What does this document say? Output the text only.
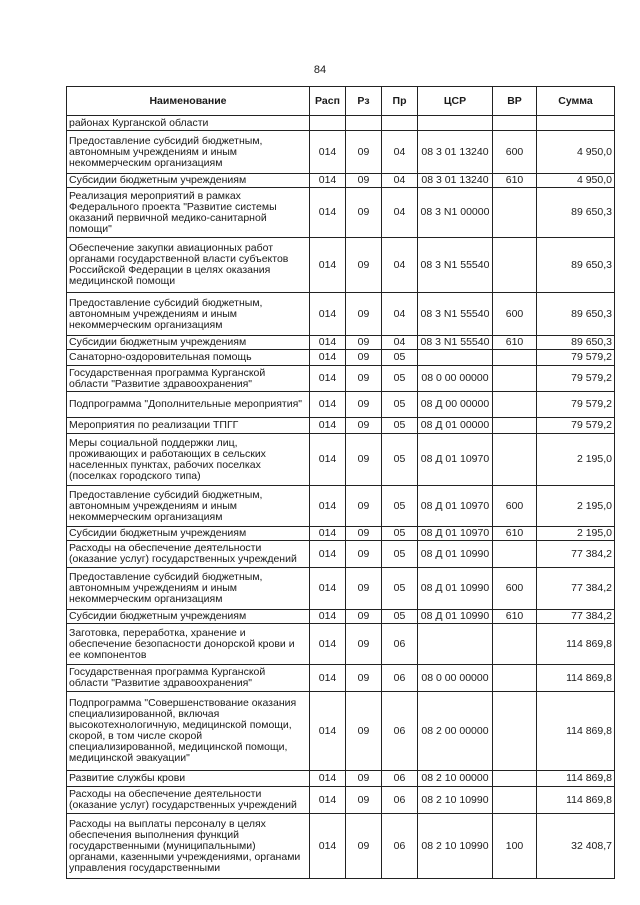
84
Наименование	Расп	Рз	Пр	ЦСР	ВР	Сумма
районах Курганской области						
Предоставление субсидий бюджетным, автономным учреждениям и иным некоммерческим организациям	014	09	04	08 3 01 13240	600	4 950,0
Субсидии бюджетным учреждениям	014	09	04	08 3 01 13240	610	4 950,0
Реализация мероприятий в рамках Федерального проекта "Развитие системы оказаний первичной медико-санитарной помощи"	014	09	04	08 3 N1 00000		89 650,3
Обеспечение закупки авиационных работ органами государственной власти субъектов Российской Федерации в целях оказания медицинской помощи	014	09	04	08 3 N1 55540		89 650,3
Предоставление субсидий бюджетным, автономным учреждениям и иным некоммерческим организациям	014	09	04	08 3 N1 55540	600	89 650,3
Субсидии бюджетным учреждениям	014	09	04	08 3 N1 55540	610	89 650,3
Санаторно-оздоровительная помощь	014	09	05			79 579,2
Государственная программа Курганской области "Развитие здравоохранения"	014	09	05	08 0 00 00000		79 579,2
Подпрограмма "Дополнительные мероприятия"	014	09	05	08 Д 00 00000		79 579,2
Мероприятия по реализации ТПГГ	014	09	05	08 Д 01 00000		79 579,2
Меры социальной поддержки лиц, проживающих и работающих в сельских населенных пунктах, рабочих поселках (поселках городского типа)	014	09	05	08 Д 01 10970		2 195,0
Предоставление субсидий бюджетным, автономным учреждениям и иным некоммерческим организациям	014	09	05	08 Д 01 10970	600	2 195,0
Субсидии бюджетным учреждениям	014	09	05	08 Д 01 10970	610	2 195,0
Расходы на обеспечение деятельности (оказание услуг) государственных учреждений	014	09	05	08 Д 01 10990		77 384,2
Предоставление субсидий бюджетным, автономным учреждениям и иным некоммерческим организациям	014	09	05	08 Д 01 10990	600	77 384,2
Субсидии бюджетным учреждениям	014	09	05	08 Д 01 10990	610	77 384,2
Заготовка, переработка, хранение и обеспечение безопасности донорской крови и ее компонентов	014	09	06			114 869,8
Государственная программа Курганской области "Развитие здравоохранения"	014	09	06	08 0 00 00000		114 869,8
Подпрограмма "Совершенствование оказания специализированной, включая высокотехнологичную, медицинской помощи, скорой, в том числе скорой специализированной, медицинской помощи, медицинской эвакуации"	014	09	06	08 2 00 00000		114 869,8
Развитие службы крови	014	09	06	08 2 10 00000		114 869,8
Расходы на обеспечение деятельности (оказание услуг) государственных учреждений	014	09	06	08 2 10 10990		114 869,8
Расходы на выплаты персоналу в целях обеспечения выполнения функций государственными (муниципальными) органами, казенными учреждениями, органами управления государственными	014	09	06	08 2 10 10990	100	32 408,7
